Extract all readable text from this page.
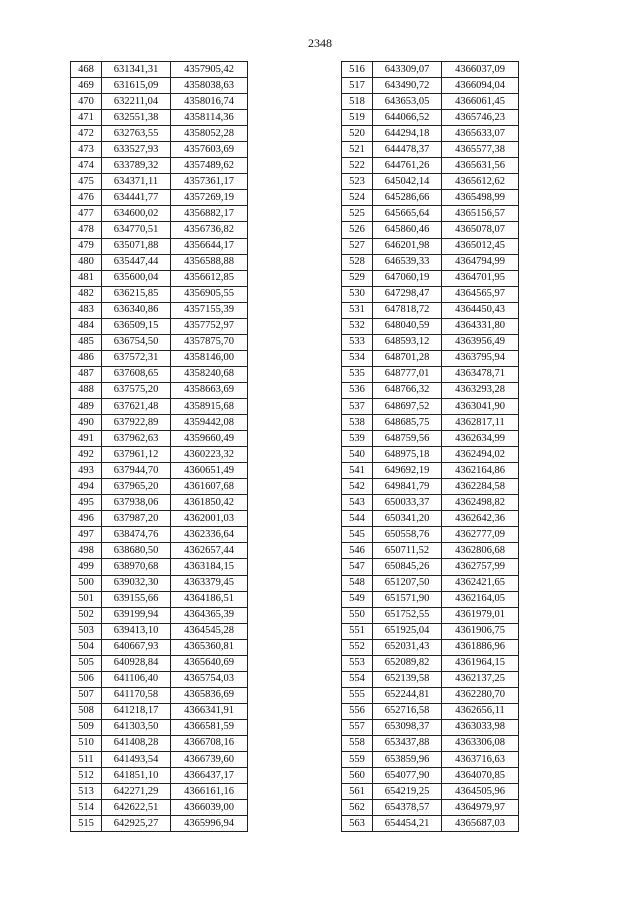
2348
468	631341,31	4357905,42
469	631615,09	4358038,63
470	632211,04	4358016,74
471	632551,38	4358114,36
472	632763,55	4358052,28
473	633527,93	4357603,69
474	633789,32	4357489,62
475	634371,11	4357361,17
476	634441,77	4357269,19
477	634600,02	4356882,17
478	634770,51	4356736,82
479	635071,88	4356644,17
480	635447,44	4356588,88
481	635600,04	4356612,85
482	636215,85	4356905,55
483	636340,86	4357155,39
484	636509,15	4357752,97
485	636754,50	4357875,70
486	637572,31	4358146,00
487	637608,65	4358240,68
488	637575,20	4358663,69
489	637621,48	4358915,68
490	637922,89	4359442,08
491	637962,63	4359660,49
492	637961,12	4360223,32
493	637944,70	4360651,49
494	637965,20	4361607,68
495	637938,06	4361850,42
496	637987,20	4362001,03
497	638474,76	4362336,64
498	638680,50	4362657,44
499	638970,68	4363184,15
500	639032,30	4363379,45
501	639155,66	4364186,51
502	639199,94	4364365,39
503	639413,10	4364545,28
504	640667,93	4365360,81
505	640928,84	4365640,69
506	641106,40	4365754,03
507	641170,58	4365836,69
508	641218,17	4366341,91
509	641303,50	4366581,59
510	641408,28	4366708,16
511	641493,54	4366739,60
512	641851,10	4366437,17
513	642271,29	4366161,16
514	642622,51	4366039,00
515	642925,27	4365996,94
516	643309,07	4366037,09
517	643490,72	4366094,04
518	643653,05	4366061,45
519	644066,52	4365746,23
520	644294,18	4365633,07
521	644478,37	4365577,38
522	644761,26	4365631,56
523	645042,14	4365612,62
524	645286,66	4365498,99
525	645665,64	4365156,57
526	645860,46	4365078,07
527	646201,98	4365012,45
528	646539,33	4364794,99
529	647060,19	4364701,95
530	647298,47	4364565,97
531	647818,72	4364450,43
532	648040,59	4364331,80
533	648593,12	4363956,49
534	648701,28	4363795,94
535	648777,01	4363478,71
536	648766,32	4363293,28
537	648697,52	4363041,90
538	648685,75	4362817,11
539	648759,56	4362634,99
540	648975,18	4362494,02
541	649692,19	4362164,86
542	649841,79	4362284,58
543	650033,37	4362498,82
544	650341,20	4362642,36
545	650558,76	4362777,09
546	650711,52	4362806,68
547	650845,26	4362757,99
548	651207,50	4362421,65
549	651571,90	4362164,05
550	651752,55	4361979,01
551	651925,04	4361906,75
552	652031,43	4361886,96
553	652089,82	4361964,15
554	652139,58	4362137,25
555	652244,81	4362280,70
556	652716,58	4362656,11
557	653098,37	4363033,98
558	653437,88	4363306,08
559	653859,96	4363716,63
560	654077,90	4364070,85
561	654219,25	4364505,96
562	654378,57	4364979,97
563	654454,21	4365687,03
